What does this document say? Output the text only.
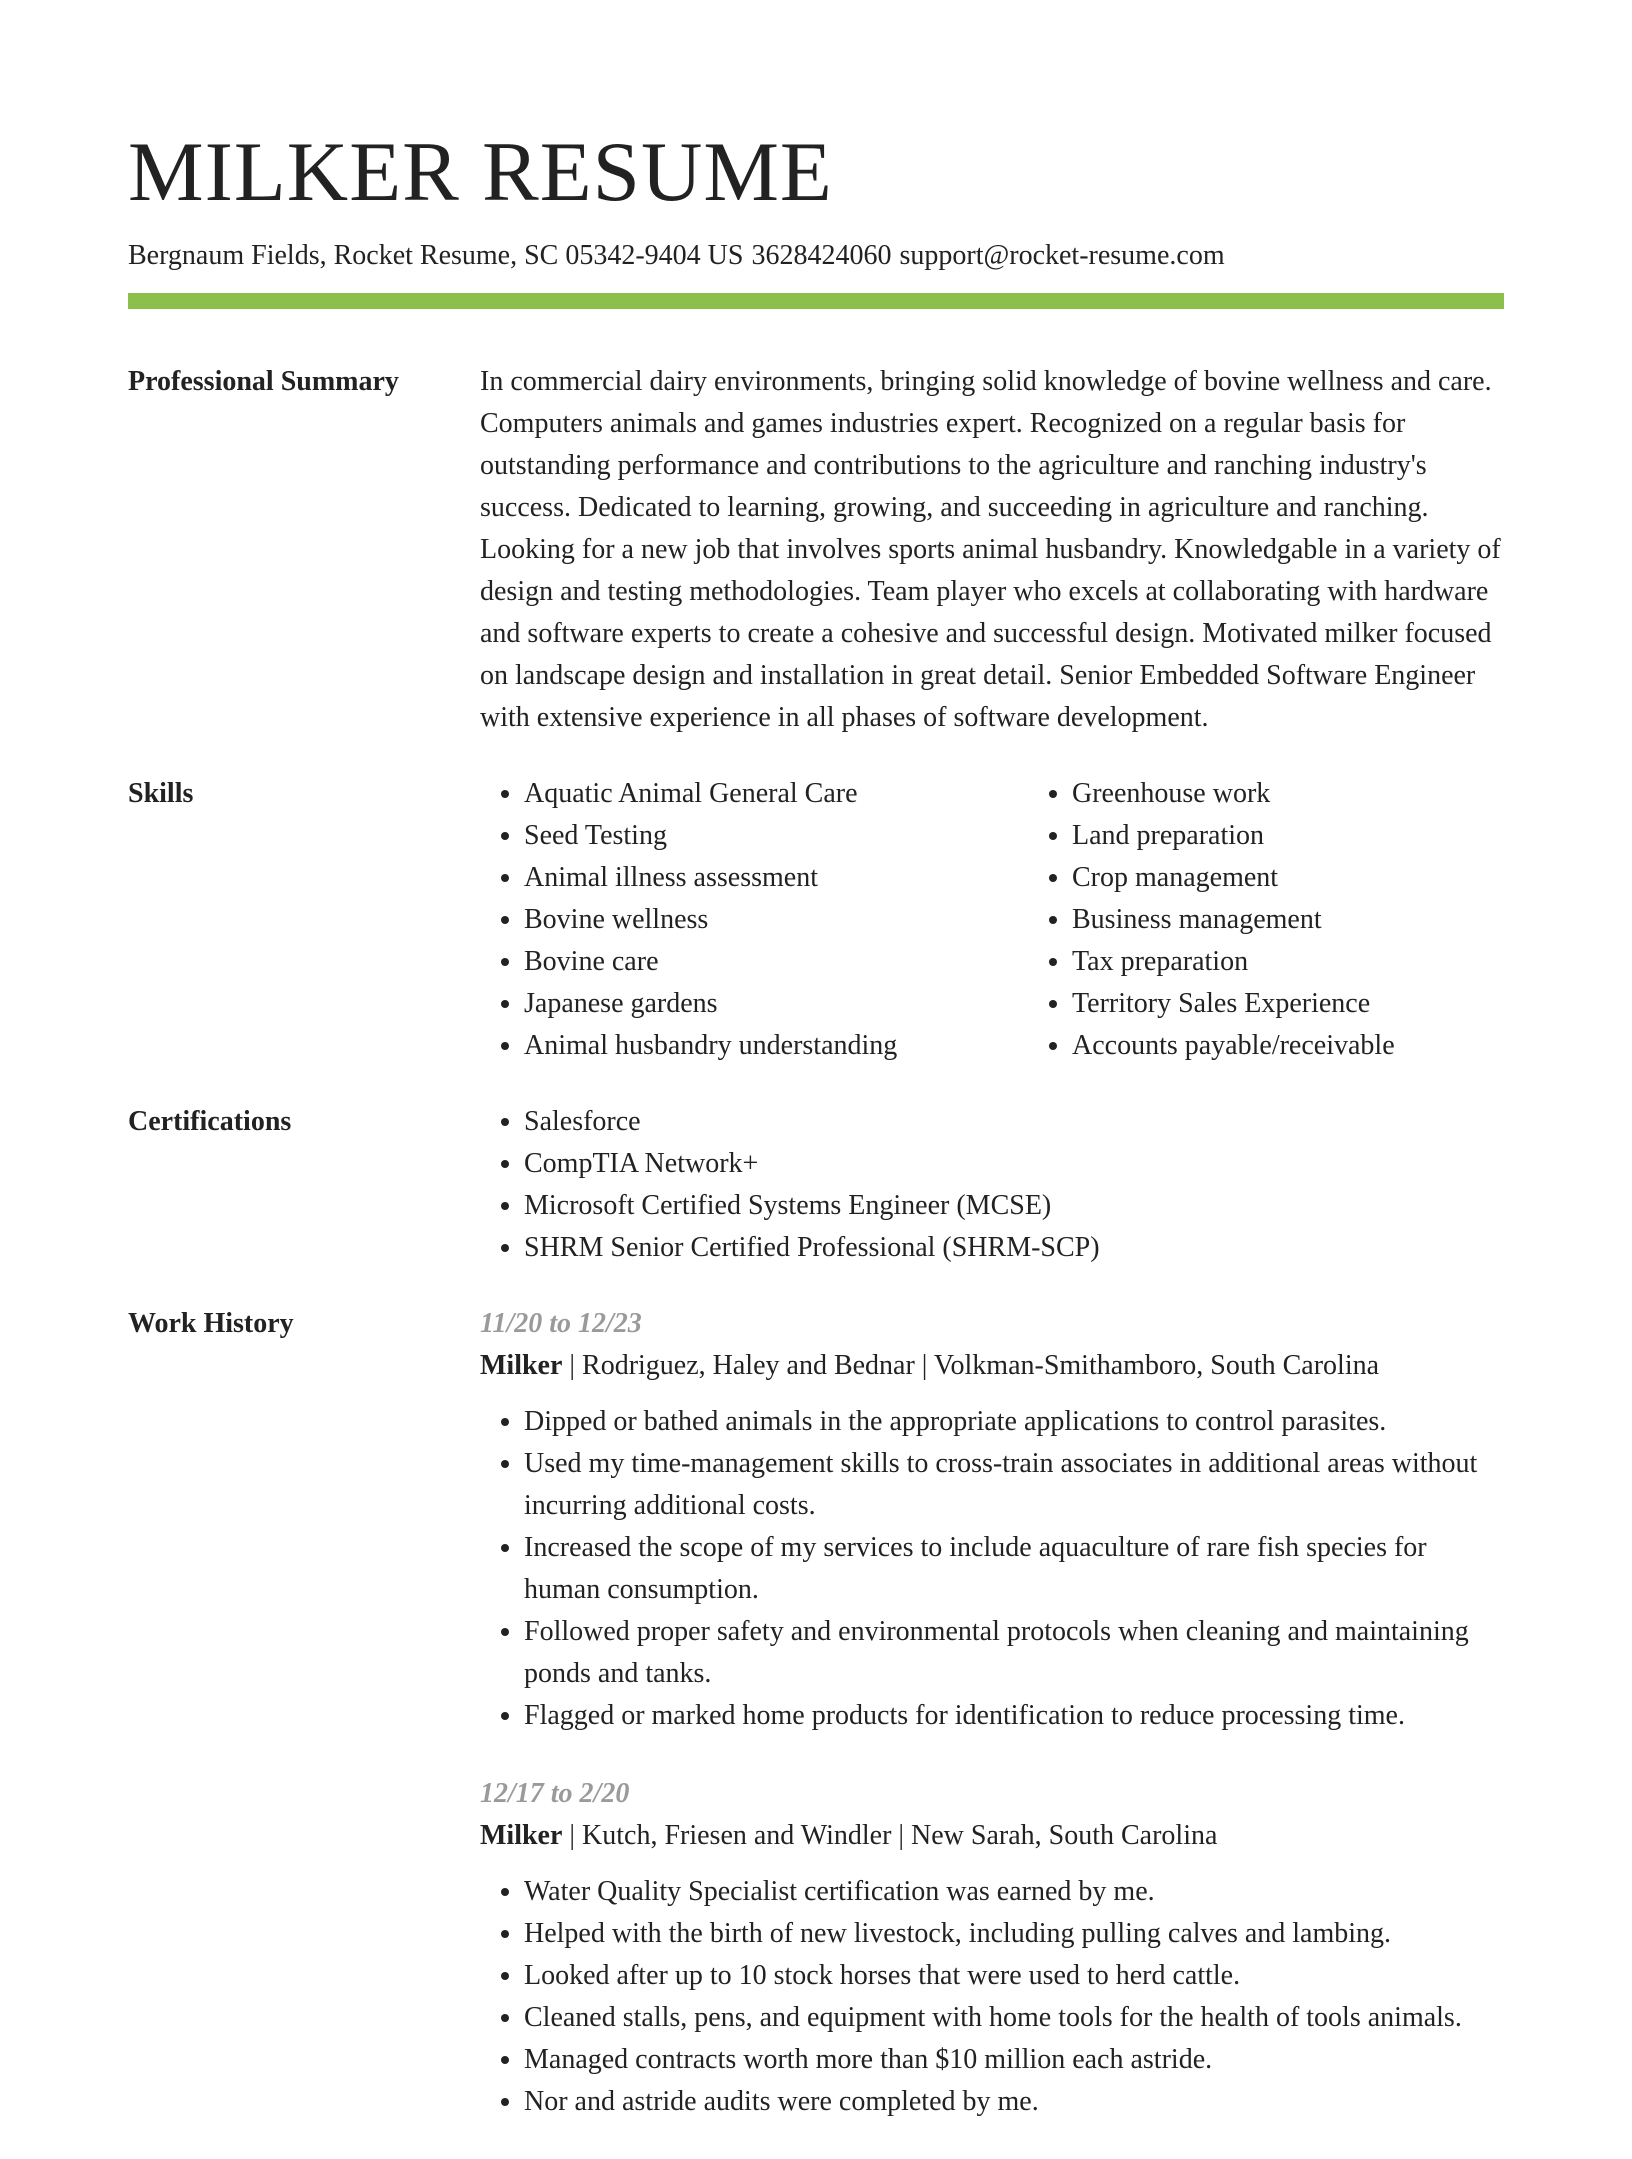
MILKER RESUME
Bergnaum Fields, Rocket Resume, SC 05342-9404 US 3628424060 support@rocket-resume.com
Professional Summary	In commercial dairy environments, bringing solid knowledge of bovine wellness and care. Computers animals and games industries expert. Recognized on a regular basis for outstanding performance and contributions to the agriculture and ranching industry's success. Dedicated to learning, growing, and succeeding in agriculture and ranching. Looking for a new job that involves sports animal husbandry. Knowledgable in a variety of design and testing methodologies. Team player who excels at collaborating with hardware and software experts to create a cohesive and successful design. Motivated milker focused on landscape design and installation in great detail. Senior Embedded Software Engineer with extensive experience in all phases of software development.

Skills	• Aquatic Animal General Care
• Seed Testing
• Animal illness assessment
• Bovine wellness
• Bovine care
• Japanese gardens
• Animal husbandry understanding
• Greenhouse work
• Land preparation
• Crop management
• Business management
• Tax preparation
• Territory Sales Experience
• Accounts payable/receivable
Certifications	• Salesforce
• CompTIA Network+
• Microsoft Certified Systems Engineer (MCSE)
• SHRM Senior Certified Professional (SHRM-SCP)
Work History	11/20 to 12/23
Milker | Rodriguez, Haley and Bednar | Volkman-Smithamboro, South Carolina
• Dipped or bathed animals in the appropriate applications to control parasites.
• Used my time-management skills to cross-train associates in additional areas without incurring additional costs.
• Increased the scope of my services to include aquaculture of rare fish species for human consumption.
• Followed proper safety and environmental protocols when cleaning and maintaining ponds and tanks.
• Flagged or marked home products for identification to reduce processing time.
12/17 to 2/20
Milker | Kutch, Friesen and Windler | New Sarah, South Carolina
• Water Quality Specialist certification was earned by me.
• Helped with the birth of new livestock, including pulling calves and lambing.
• Looked after up to 10 stock horses that were used to herd cattle.
• Cleaned stalls, pens, and equipment with home tools for the health of tools animals.
• Managed contracts worth more than $10 million each astride.
• Nor and astride audits were completed by me.
